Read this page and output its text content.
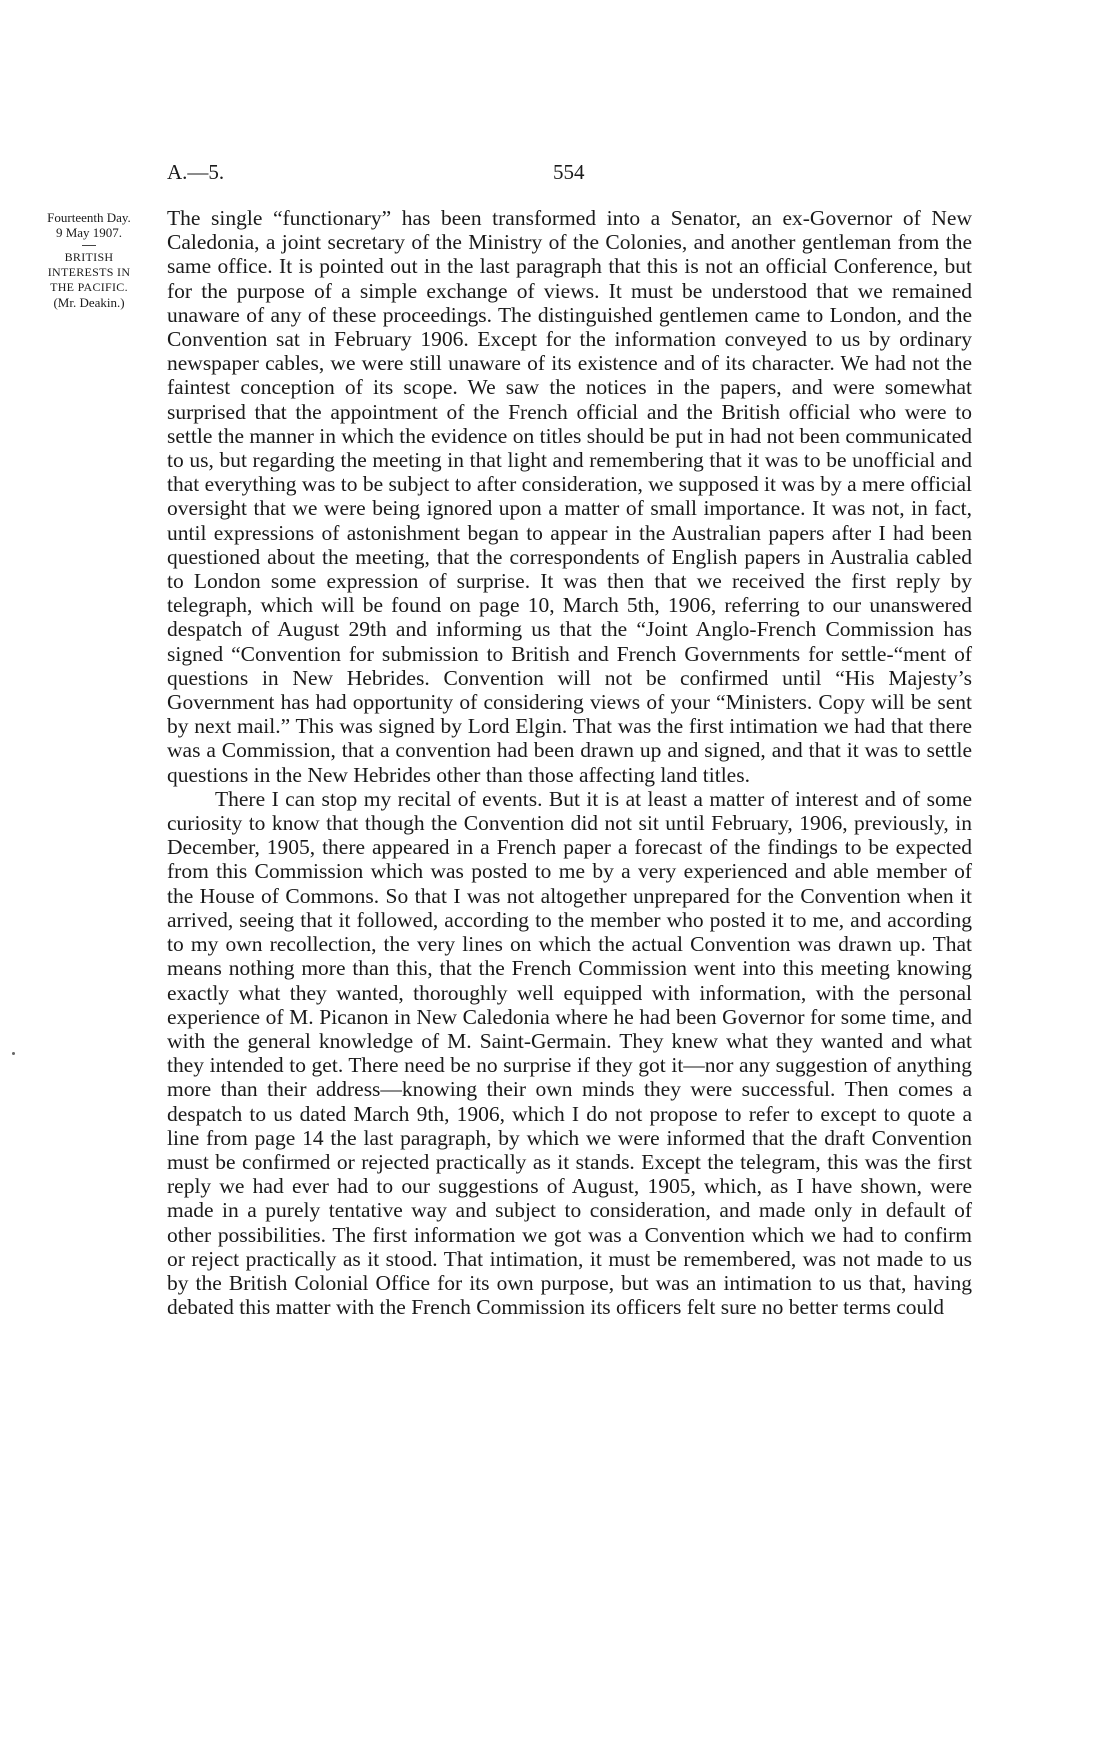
A.—5.	554
Fourteenth Day.
9 May 1907.
BRITISH
INTERESTS IN
THE PACIFIC.
(Mr. Deakin.)

The single “functionary” has been transformed into a Senator, an ex-Governor of New Caledonia, a joint secretary of the Ministry of the Colonies, and another gentleman from the same office. It is pointed out in the last paragraph that this is not an official Conference, but for the purpose of a simple exchange of views. It must be understood that we remained unaware of any of these proceedings. The distinguished gentlemen came to London, and the Convention sat in February 1906. Except for the information conveyed to us by ordinary newspaper cables, we were still unaware of its existence and of its character. We had not the faintest conception of its scope. We saw the notices in the papers, and were somewhat surprised that the appointment of the French official and the British official who were to settle the manner in which the evidence on titles should be put in had not been communicated to us, but regarding the meeting in that light and remembering that it was to be unofficial and that everything was to be subject to after consideration, we supposed it was by a mere official oversight that we were being ignored upon a matter of small importance. It was not, in fact, until expressions of astonishment began to appear in the Australian papers after I had been questioned about the meeting, that the correspondents of English papers in Australia cabled to London some expression of surprise. It was then that we received the first reply by telegraph, which will be found on page 10, March 5th, 1906, referring to our unanswered despatch of August 29th and informing us that the “Joint Anglo-French Commission has signed “Convention for submission to British and French Governments for settle-“ment of questions in New Hebrides. Convention will not be confirmed until “His Majesty’s Government has had opportunity of considering views of your “Ministers. Copy will be sent by next mail.” This was signed by Lord Elgin. That was the first intimation we had that there was a Commission, that a convention had been drawn up and signed, and that it was to settle questions in the New Hebrides other than those affecting land titles.

There I can stop my recital of events. But it is at least a matter of interest and of some curiosity to know that though the Convention did not sit until February, 1906, previously, in December, 1905, there appeared in a French paper a forecast of the findings to be expected from this Commission which was posted to me by a very experienced and able member of the House of Commons. So that I was not altogether unprepared for the Convention when it arrived, seeing that it followed, according to the member who posted it to me, and according to my own recollection, the very lines on which the actual Convention was drawn up. That means nothing more than this, that the French Commission went into this meeting knowing exactly what they wanted, thoroughly well equipped with information, with the personal experience of M. Picanon in New Caledonia where he had been Governor for some time, and with the general knowledge of M. Saint-Germain. They knew what they wanted and what they intended to get. There need be no surprise if they got it—nor any suggestion of anything more than their address—knowing their own minds they were successful. Then comes a despatch to us dated March 9th, 1906, which I do not propose to refer to except to quote a line from page 14 the last paragraph, by which we were informed that the draft Convention must be confirmed or rejected practically as it stands. Except the telegram, this was the first reply we had ever had to our suggestions of August, 1905, which, as I have shown, were made in a purely tentative way and subject to consideration, and made only in default of other possibilities. The first information we got was a Convention which we had to confirm or reject practically as it stood. That intimation, it must be remembered, was not made to us by the British Colonial Office for its own purpose, but was an intimation to us that, having debated this matter with the French Commission its officers felt sure no better terms could
